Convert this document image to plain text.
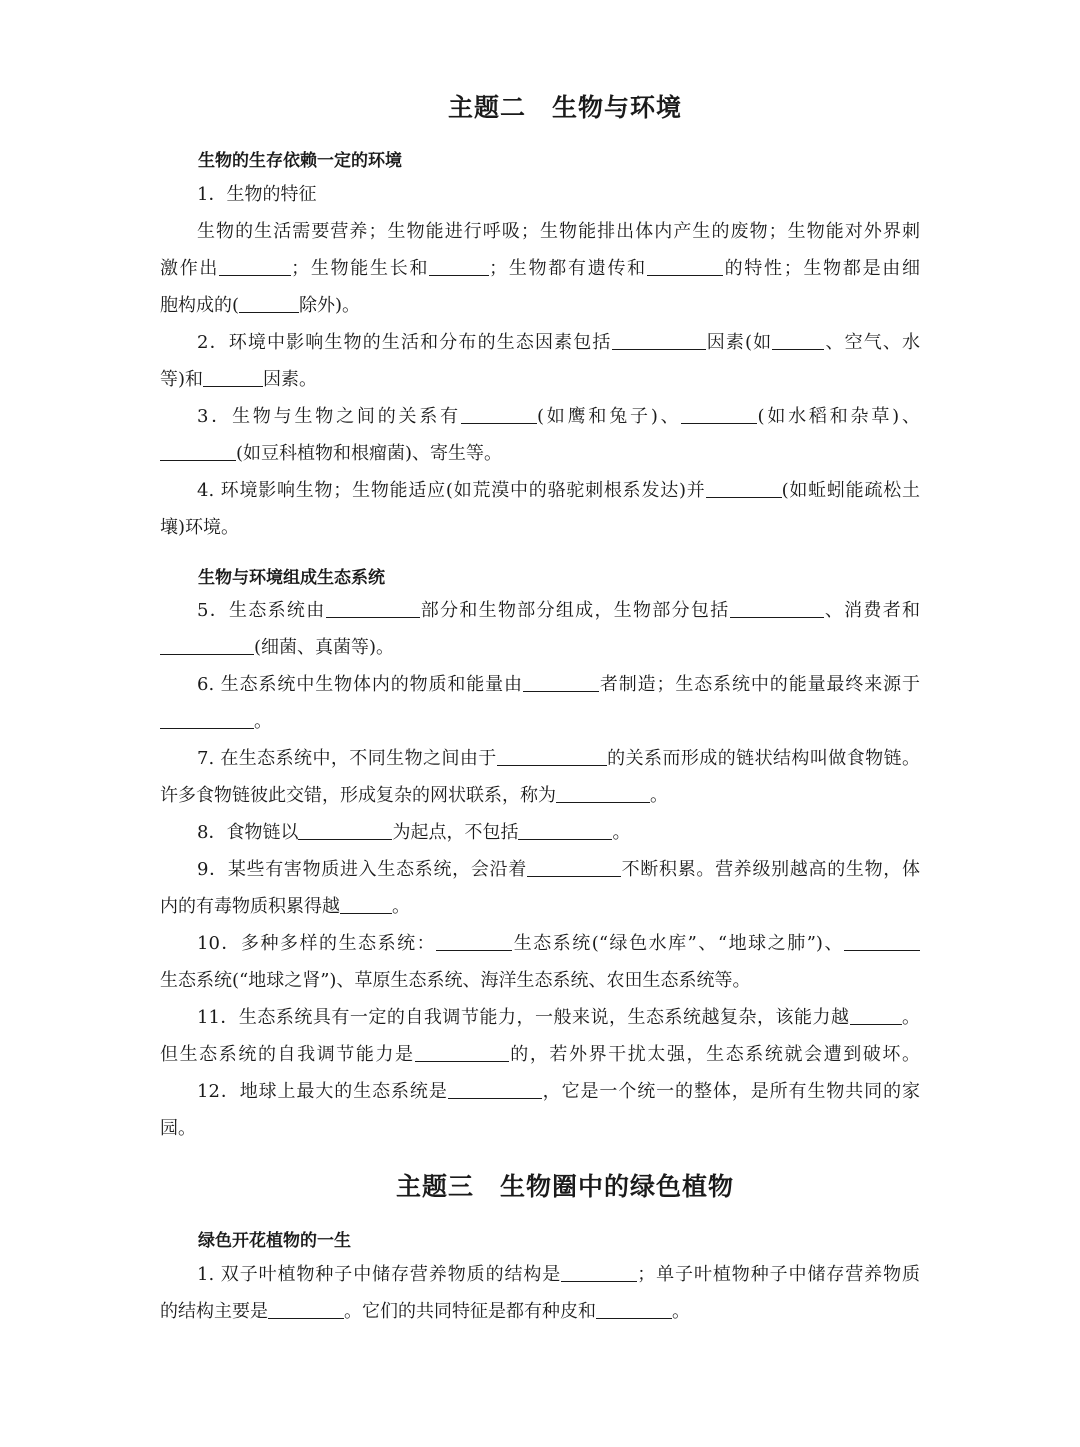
主题二　生物与环境
生物的生存依赖一定的环境
1．生物的特征
生物的生活需要营养；生物能进行呼吸；生物能排出体内产生的废物；生物能对外界刺
激作出	；生物能生长和	；生物都有遗传和	的特性；生物都是由细
胞构成的(	除外)。
2．环境中影响生物的生活和分布的生态因素包括	因素(如	、空气、水
等)和	因素。
3．生物与生物之间的关系有	(如鹰和兔子)、	(如水稻和杂草)、
(如豆科植物和根瘤菌)、寄生等。
4. 环境影响生物；生物能适应(如荒漠中的骆驼刺根系发达)并	(如蚯蚓能疏松土
壤)环境。
生物与环境组成生态系统
5．生态系统由	部分和生物部分组成，生物部分包括	、消费者和
(细菌、真菌等)。
6. 生态系统中生物体内的物质和能量由	者制造；生态系统中的能量最终来源于
。
7. 在生态系统中，不同生物之间由于	的关系而形成的链状结构叫做食物链。
许多食物链彼此交错，形成复杂的网状联系，称为	。
8．食物链以	为起点，不包括	。
9．某些有害物质进入生态系统，会沿着	不断积累。营养级别越高的生物，体
内的有毒物质积累得越	。
10．多种多样的生态系统：	生态系统(“绿色水库”、“地球之肺”)、
生态系统(“地球之肾”)、草原生态系统、海洋生态系统、农田生态系统等。
11．生态系统具有一定的自我调节能力，一般来说，生态系统越复杂，该能力越	。
但生态系统的自我调节能力是	的，若外界干扰太强，生态系统就会遭到破坏。
12．地球上最大的生态系统是	，它是一个统一的整体，是所有生物共同的家
园。
主题三　生物圈中的绿色植物
绿色开花植物的一生
1. 双子叶植物种子中储存营养物质的结构是	；单子叶植物种子中储存营养物质
的结构主要是	。它们的共同特征是都有种皮和	。
